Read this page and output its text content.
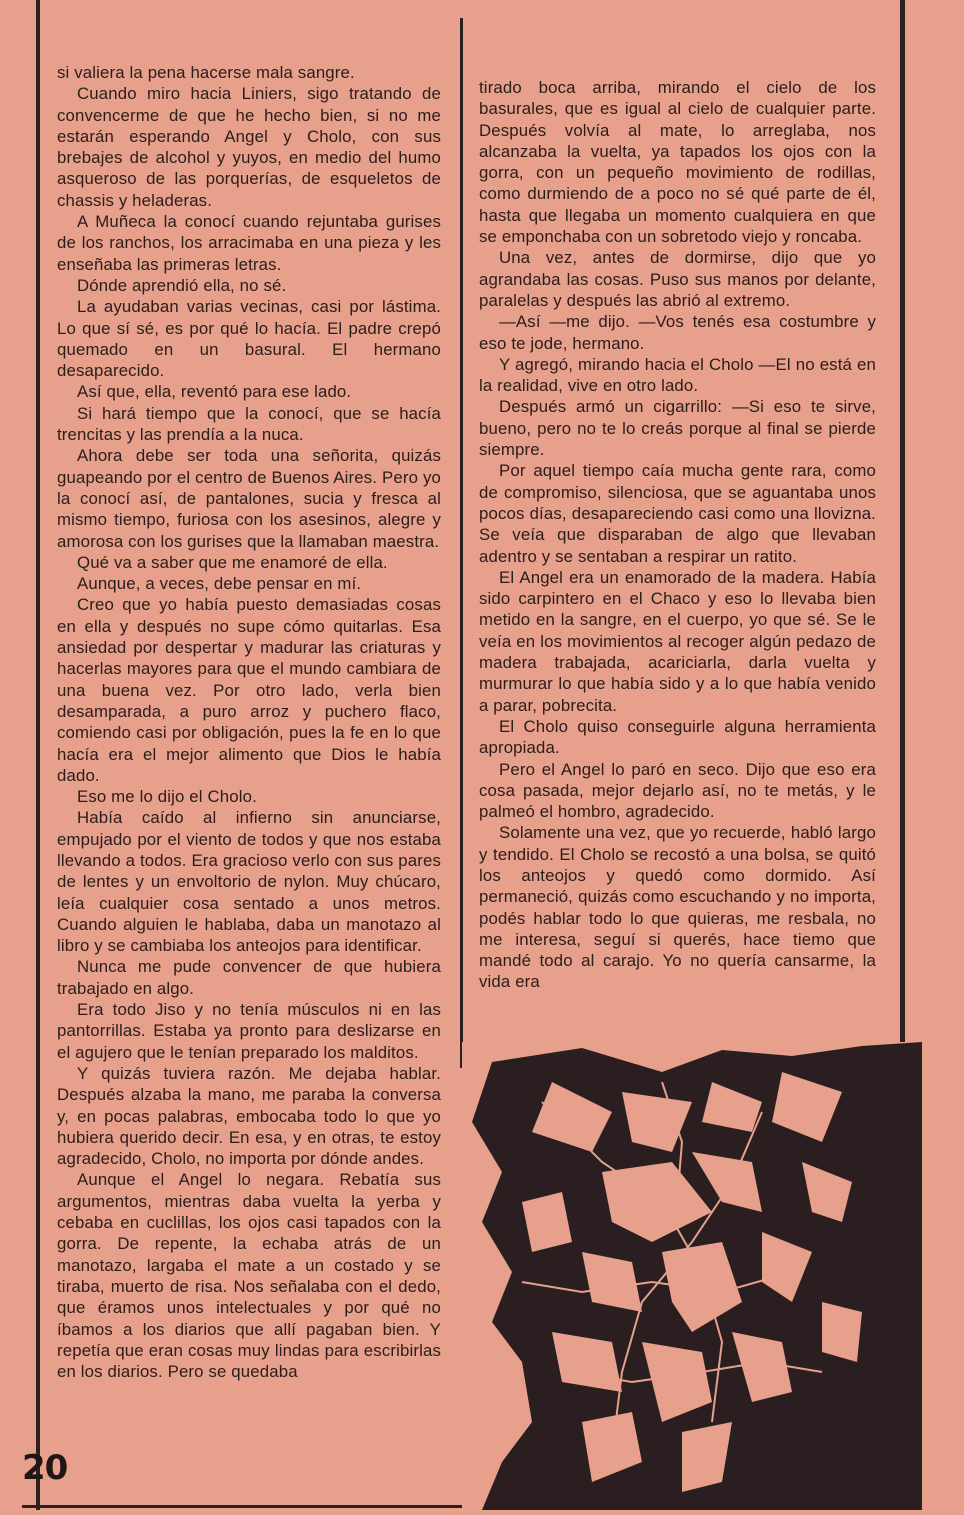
si valiera la pena hacerse mala sangre.

Cuando miro hacia Liniers, sigo tratando de convencerme de que he hecho bien, si no me estarán esperando Angel y Cholo, con sus brebajes de alcohol y yuyos, en medio del humo asqueroso de las porquerías, de esqueletos de chassis y heladeras.

A Muñeca la conocí cuando rejuntaba gurises de los ranchos, los arracimaba en una pieza y les enseñaba las primeras letras.

Dónde aprendió ella, no sé.

La ayudaban varias vecinas, casi por lástima. Lo que sí sé, es por qué lo hacía. El padre crepó quemado en un basural. El hermano desaparecido.

Así que, ella, reventó para ese lado.

Si hará tiempo que la conocí, que se hacía trencitas y las prendía a la nuca.

Ahora debe ser toda una señorita, quizás guapeando por el centro de Buenos Aires. Pero yo la conocí así, de pantalones, sucia y fresca al mismo tiempo, furiosa con los asesinos, alegre y amorosa con los gurises que la llamaban maestra.

Qué va a saber que me enamoré de ella.

Aunque, a veces, debe pensar en mí.

Creo que yo había puesto demasiadas cosas en ella y después no supe cómo quitarlas. Esa ansiedad por despertar y madurar las criaturas y hacerlas mayores para que el mundo cambiara de una buena vez. Por otro lado, verla bien desamparada, a puro arroz y puchero flaco, comiendo casi por obligación, pues la fe en lo que hacía era el mejor alimento que Dios le había dado.

Eso me lo dijo el Cholo.

Había caído al infierno sin anunciarse, empujado por el viento de todos y que nos estaba llevando a todos. Era gracioso verlo con sus pares de lentes y un envoltorio de nylon. Muy chúcaro, leía cualquier cosa sentado a unos metros. Cuando alguien le hablaba, daba un manotazo al libro y se cambiaba los anteojos para identificar.

Nunca me pude convencer de que hubiera trabajado en algo.

Era todo Jiso y no tenía músculos ni en las pantorrillas. Estaba ya pronto para deslizarse en el agujero que le tenían preparado los malditos.

Y quizás tuviera razón. Me dejaba hablar. Después alzaba la mano, me paraba la conversa y, en pocas palabras, embocaba todo lo que yo hubiera querido decir. En esa, y en otras, te estoy agradecido, Cholo, no importa por dónde andes.

Aunque el Angel lo negara. Rebatía sus argumentos, mientras daba vuelta la yerba y cebaba en cuclillas, los ojos casi tapados con la gorra. De repente, la echaba atrás de un manotazo, largaba el mate a un costado y se tiraba, muerto de risa. Nos señalaba con el dedo, que éramos unos intelectuales y por qué no íbamos a los diarios que allí pagaban bien. Y repetía que eran cosas muy lindas para escribirlas en los diarios. Pero se quedaba

tirado boca arriba, mirando el cielo de los basurales, que es igual al cielo de cualquier parte. Después volvía al mate, lo arreglaba, nos alcanzaba la vuelta, ya tapados los ojos con la gorra, con un pequeño movimiento de rodillas, como durmiendo de a poco no sé qué parte de él, hasta que llegaba un momento cualquiera en que se emponchaba con un sobretodo viejo y roncaba.

Una vez, antes de dormirse, dijo que yo agrandaba las cosas. Puso sus manos por delante, paralelas y después las abrió al extremo.

—Así —me dijo. —Vos tenés esa costumbre y eso te jode, hermano.

Y agregó, mirando hacia el Cholo —El no está en la realidad, vive en otro lado.

Después armó un cigarrillo: —Si eso te sirve, bueno, pero no te lo creás porque al final se pierde siempre.

Por aquel tiempo caía mucha gente rara, como de compromiso, silenciosa, que se aguantaba unos pocos días, desapareciendo casi como una llovizna. Se veía que disparaban de algo que llevaban adentro y se sentaban a respirar un ratito.

El Angel era un enamorado de la madera. Había sido carpintero en el Chaco y eso lo llevaba bien metido en la sangre, en el cuerpo, yo que sé. Se le veía en los movimientos al recoger algún pedazo de madera trabajada, acariciarla, darla vuelta y murmurar lo que había sido y a lo que había venido a parar, pobrecita.

El Cholo quiso conseguirle alguna herramienta apropiada.

Pero el Angel lo paró en seco. Dijo que eso era cosa pasada, mejor dejarlo así, no te metás, y le palmeó el hombro, agradecido.

Solamente una vez, que yo recuerde, habló largo y tendido. El Cholo se recostó a una bolsa, se quitó los anteojos y quedó como dormido. Así permaneció, quizás como escuchando y no importa, podés hablar todo lo que quieras, me resbala, no me interesa, seguí si querés, hace tiemo que mandé todo al carajo. Yo no quería cansarme, la vida era

20
